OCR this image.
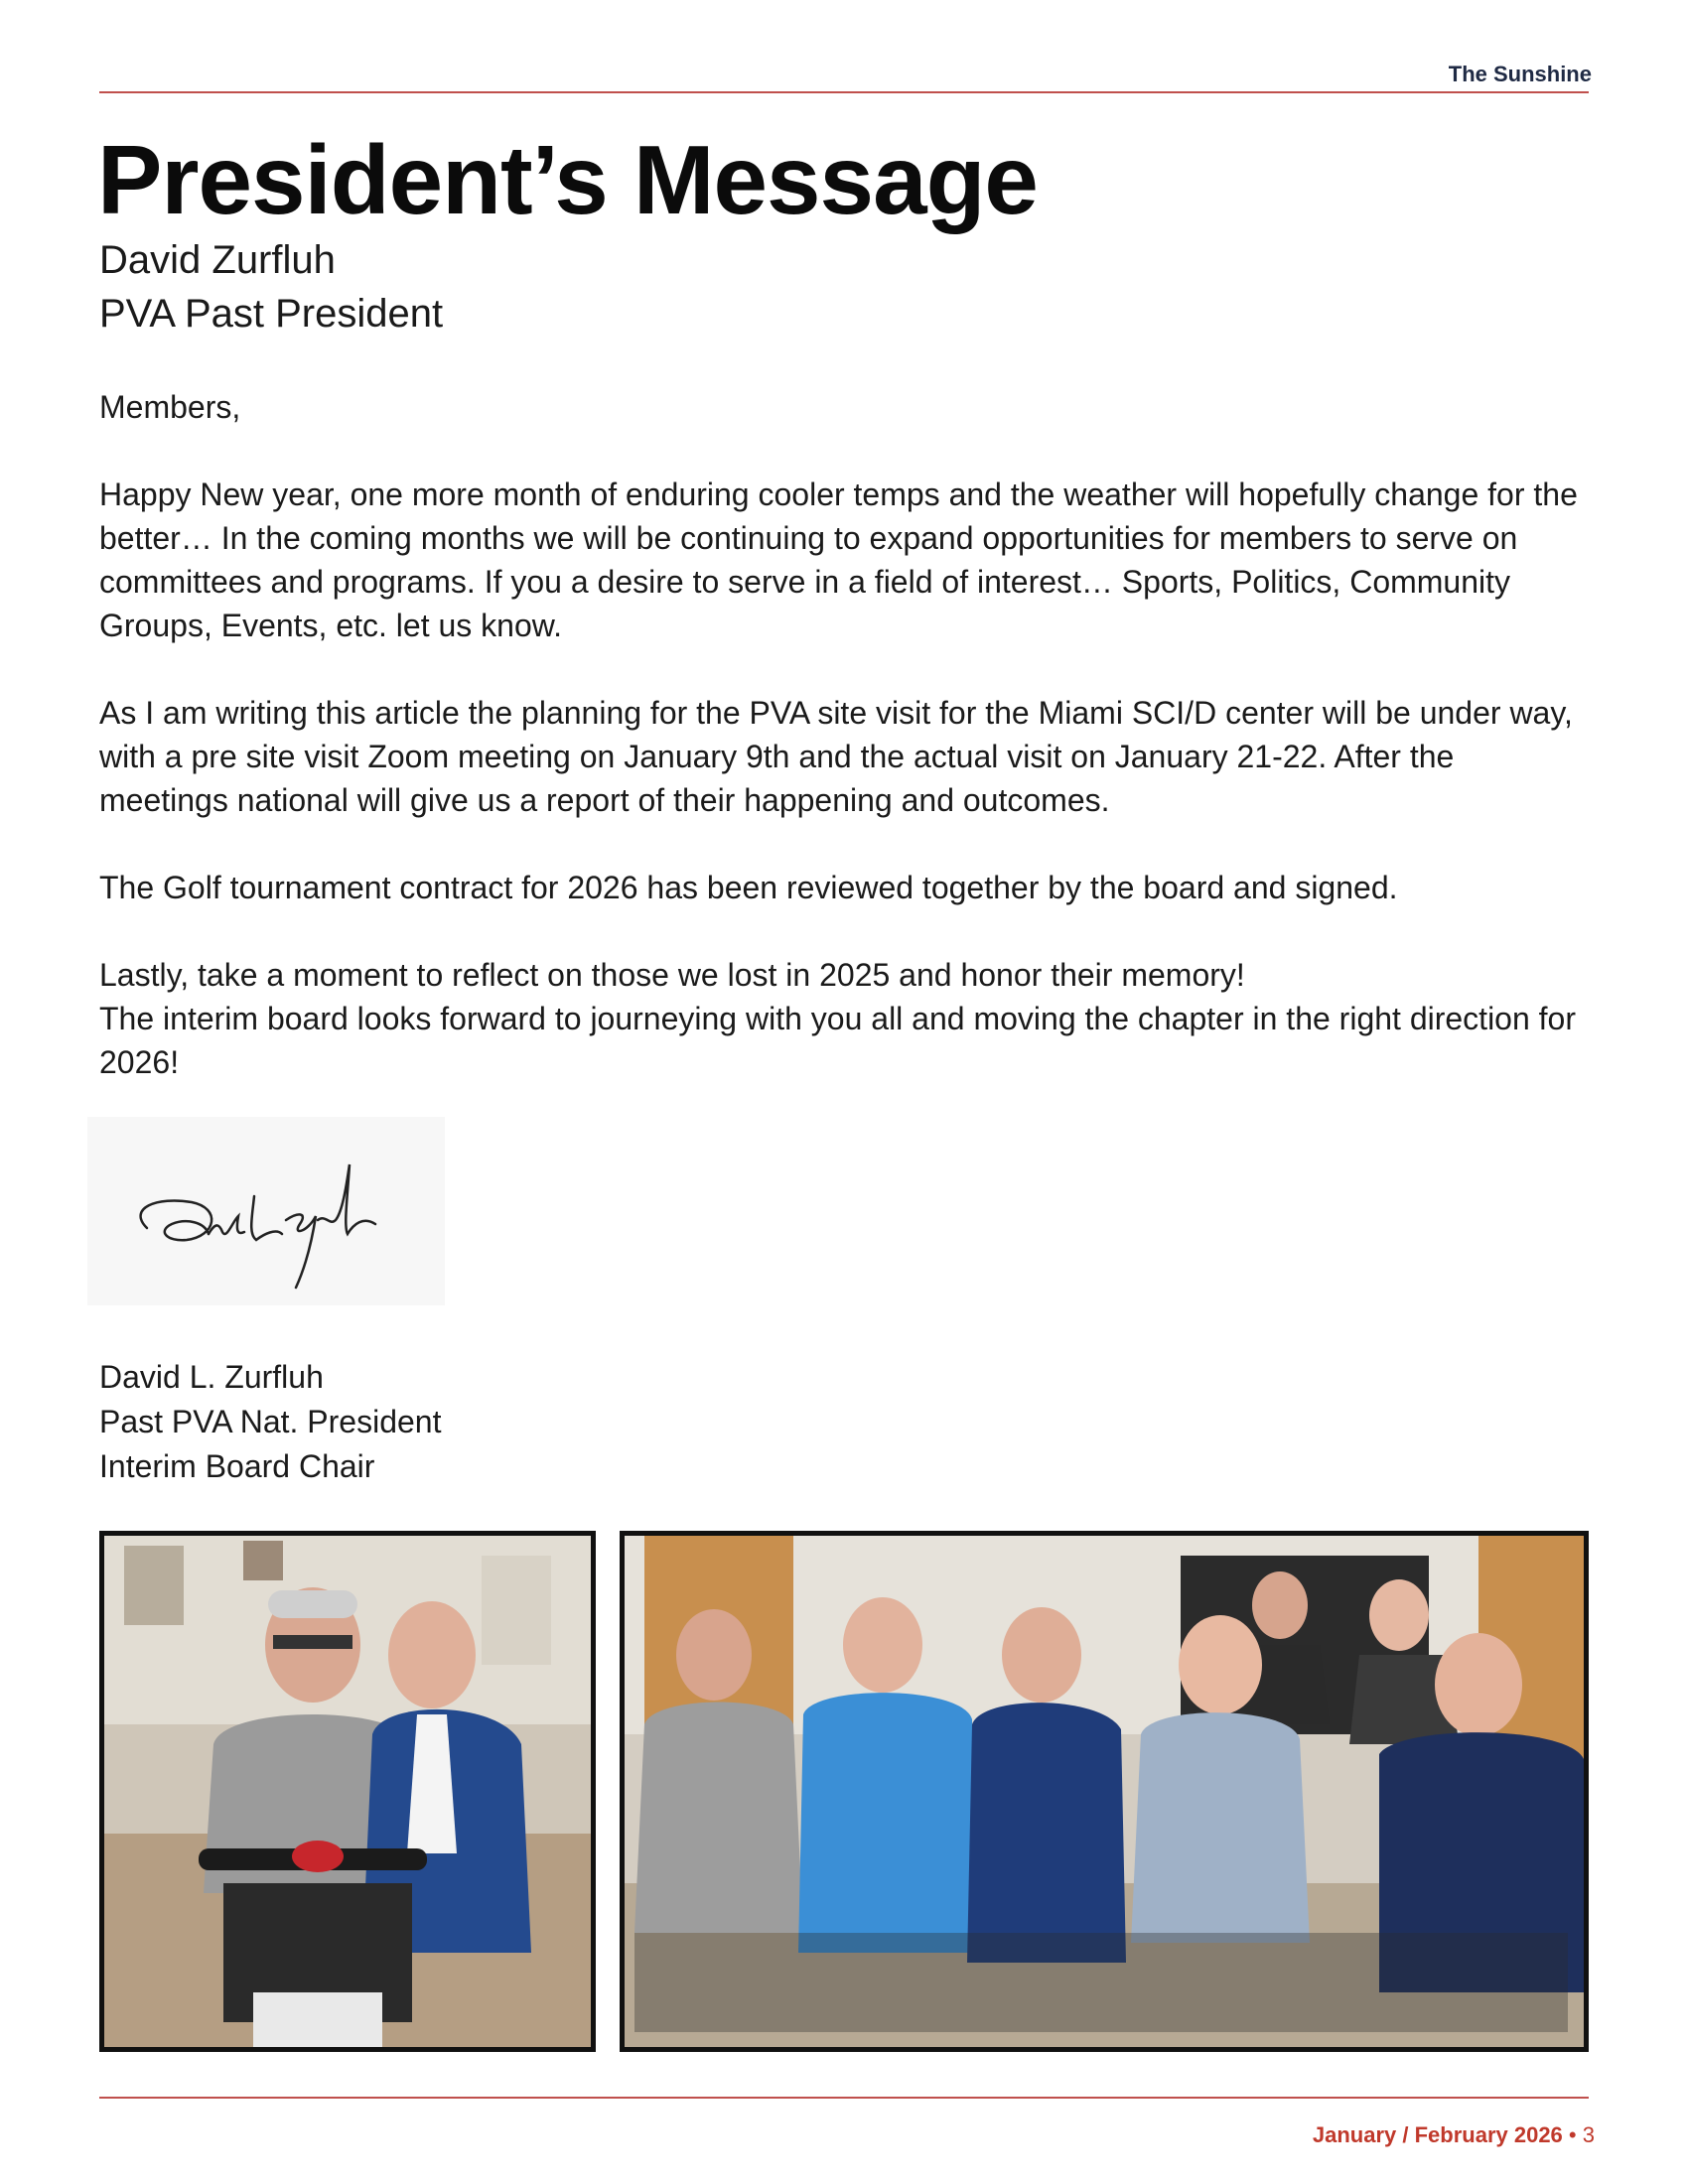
The Sunshine
President’s Message
David Zurfluh
PVA Past President

Members,

Happy New year, one more month of enduring cooler temps and the weather will hopefully change for the better… In the coming months we will be continuing to expand opportunities for members to serve on committees and programs. If you a desire to serve in a field of interest… Sports, Politics, Community Groups, Events, etc. let us know.

As I am writing this article the planning for the PVA site visit for the Miami SCI/D center will be under way, with a pre site visit Zoom meeting on January 9th and the actual visit on January 21-22. After the meetings national will give us a report of their happening and outcomes.

The Golf tournament contract for 2026 has been reviewed together by the board and signed.

Lastly, take a moment to reflect on those we lost in 2025 and honor their memory!

The interim board looks forward to journeying with you all and moving the chapter in the right direction for 2026!

David L. Zurfluh
Past PVA Nat. President
Interim Board Chair
January / February 2026 • 3
